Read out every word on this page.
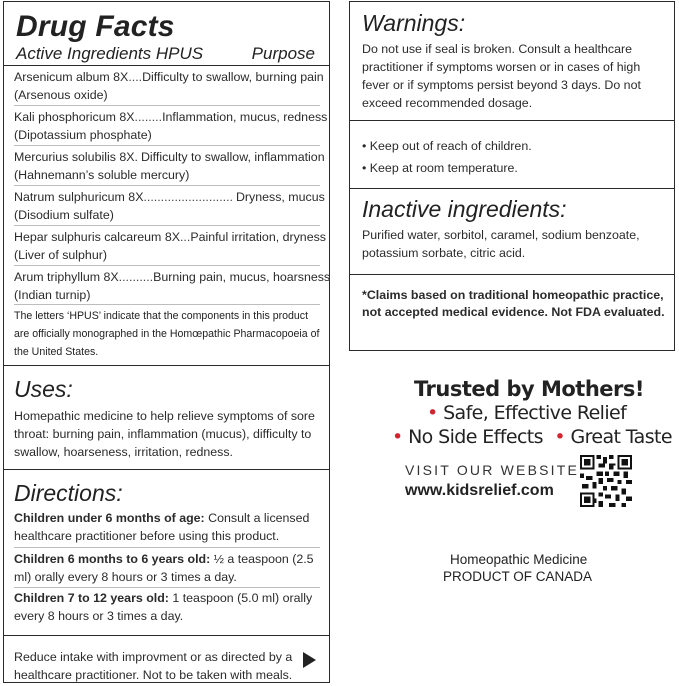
Drug Facts
Active Ingredients HPUS	Purpose
Arsenicum album 8X .... Difficulty to swallow, burning pain
(Arsenous oxide)
Kali phosphoricum 8X ........ Inflammation, mucus, redness
(Dipotassium phosphate)
Mercurius solubilis 8X. Difficulty to swallow, inflammation
(Hahnemann’s soluble mercury)
Natrum sulphuricum 8X .......................... Dryness, mucus
(Disodium sulfate)
Hepar sulphuris calcareum 8X ... Painful irritation, dryness
(Liver of sulphur)
Arum triphyllum 8X .......... Burning pain, mucus, hoarsness
(Indian turnip)
The letters ‘HPUS’ indicate that the components in this product are officially monographed in the Homœpathic Pharmacopoeia of the United States.
Uses:
Homepathic medicine to help relieve symptoms of sore throat: burning pain, inflammation (mucus), difficulty to swallow, hoarseness, irritation, redness.
Directions:
Children under 6 months of age: Consult a licensed healthcare practitioner before using this product.
Children 6 months to 6 years old: ½ a teaspoon (2.5 ml) orally every 8 hours or 3 times a day.
Children 7 to 12 years old: 1 teaspoon (5.0 ml) orally every 8 hours or 3 times a day.
Reduce intake with improvment or as directed by a healthcare practitioner. Not to be taken with meals.
Warnings:
Do not use if seal is broken. Consult a healthcare practitioner if symptoms worsen or in cases of high fever or if symptoms persist beyond 3 days. Do not exceed recommended dosage.
• Keep out of reach of children.
• Keep at room temperature.
Inactive ingredients:
Purified water, sorbitol, caramel, sodium benzoate, potassium sorbate, citric acid.
*Claims based on traditional homeopathic practice, not accepted medical evidence. Not FDA evaluated.
Trusted by Mothers!
• Safe, Effective Relief
• No Side Effects • Great Taste
VISIT OUR WEBSITE
www.kidsrelief.com
Homeopathic Medicine
PRODUCT OF CANADA
